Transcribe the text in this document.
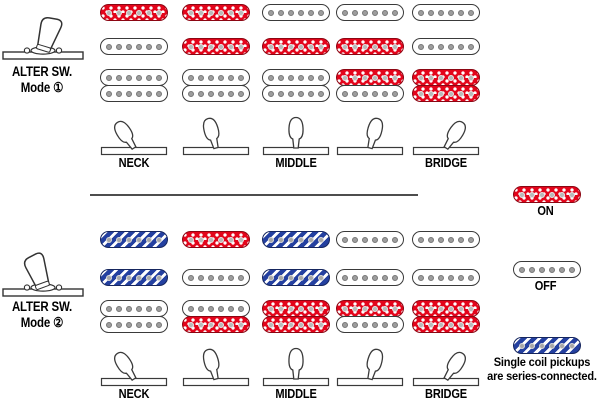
ALTER SW.
Mode ①
NECK	MIDDLE	BRIDGE
ALTER SW.
Mode ②
NECK	MIDDLE	BRIDGE
ON
OFF
Single coil pickups
are series-connected.
